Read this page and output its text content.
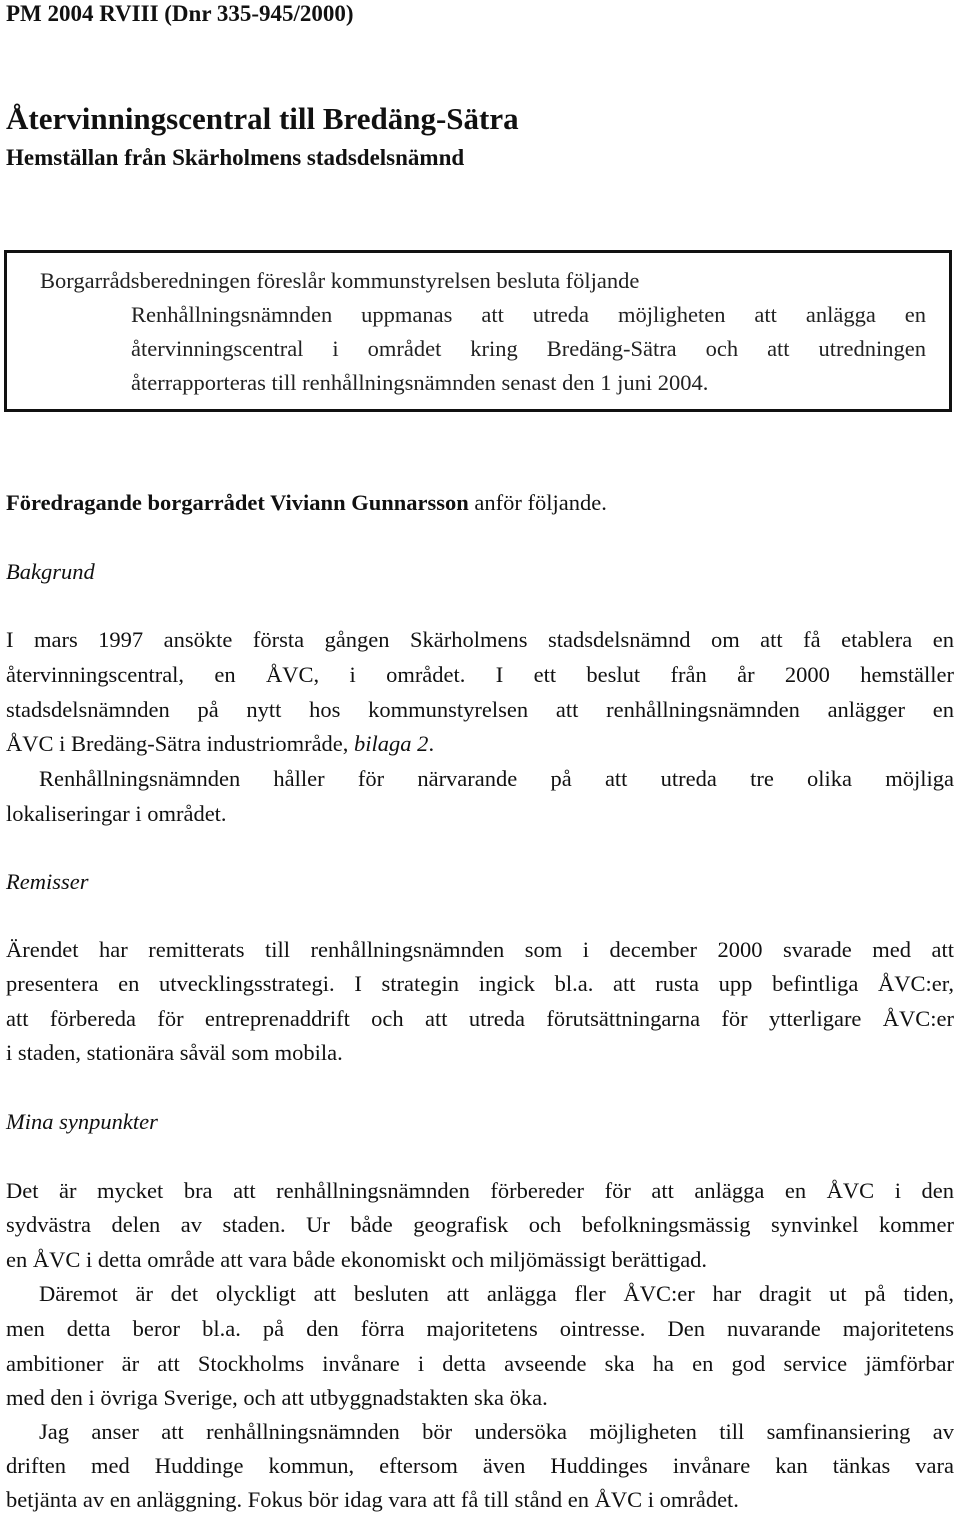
PM 2004 RVIII (Dnr 335-945/2000)
Återvinningscentral till Bredäng-Sätra
Hemställan från Skärholmens stadsdelsnämnd
Borgarrådsberedningen föreslår kommunstyrelsen besluta följande
Renhållningsnämnden uppmanas att utreda möjligheten att anlägga en
återvinningscentral i området kring Bredäng-Sätra och att utredningen
återrapporteras till renhållningsnämnden senast den 1 juni 2004.
Föredragande borgarrådet Viviann Gunnarsson anför följande.
Bakgrund
I mars 1997 ansökte första gången Skärholmens stadsdelsnämnd om att få etablera en
återvinningscentral, en ÅVC, i området. I ett beslut från år 2000 hemställer
stadsdelsnämnden på nytt hos kommunstyrelsen att renhållningsnämnden anlägger en
ÅVC i Bredäng-Sätra industriområde, bilaga 2.
Renhållningsnämnden håller för närvarande på att utreda tre olika möjliga
lokaliseringar i området.
Remisser
Ärendet har remitterats till renhållningsnämnden som i december 2000 svarade med att
presentera en utvecklingsstrategi. I strategin ingick bl.a. att rusta upp befintliga ÅVC:er,
att förbereda för entreprenaddrift och att utreda förutsättningarna för ytterligare ÅVC:er
i staden, stationära såväl som mobila.
Mina synpunkter
Det är mycket bra att renhållningsnämnden förbereder för att anlägga en ÅVC i den
sydvästra delen av staden. Ur både geografisk och befolkningsmässig synvinkel kommer
en ÅVC i detta område att vara både ekonomiskt och miljömässigt berättigad.
Däremot är det olyckligt att besluten att anlägga fler ÅVC:er har dragit ut på tiden,
men detta beror bl.a. på den förra majoritetens ointresse. Den nuvarande majoritetens
ambitioner är att Stockholms invånare i detta avseende ska ha en god service jämförbar
med den i övriga Sverige, och att utbyggnadstakten ska öka.
Jag anser att renhållningsnämnden bör undersöka möjligheten till samfinansiering av
driften med Huddinge kommun, eftersom även Huddinges invånare kan tänkas vara
betjänta av en anläggning. Fokus bör idag vara att få till stånd en ÅVC i området.
